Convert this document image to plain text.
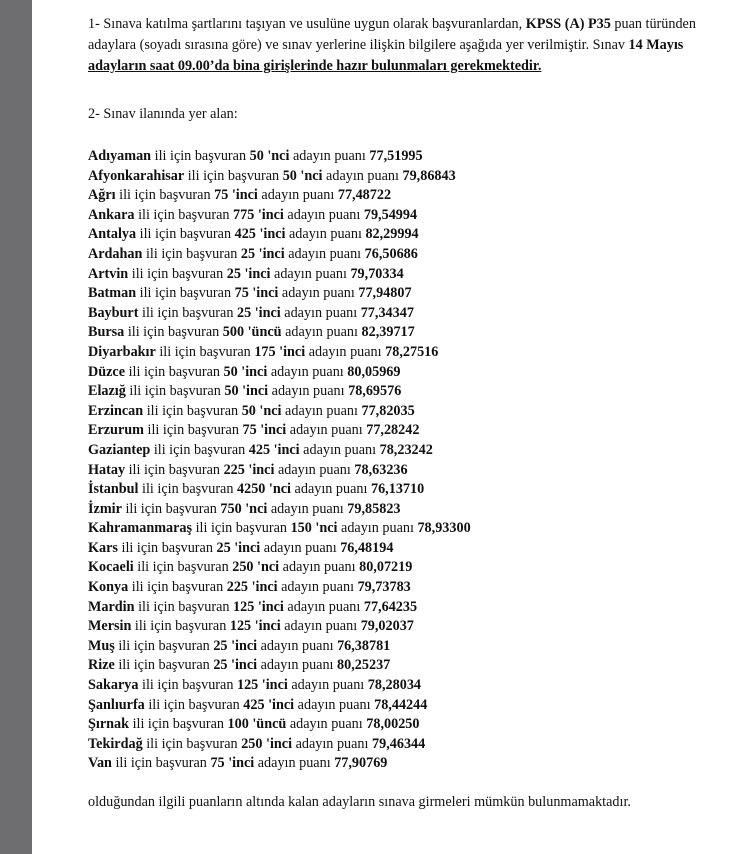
1- Sınava katılma şartlarını taşıyan ve usulüne uygun olarak başvuranlardan, KPSS (A) P35 puan türünden
adaylara (soyadı sırasına göre) ve sınav yerlerine ilişkin bilgilere aşağıda yer verilmiştir. Sınav 14 Mayıs
adayların saat 09.00’da bina girişlerinde hazır bulunmaları gerekmektedir.

2- Sınav ilanında yer alan:

Adıyaman ili için başvuran 50 'nci adayın puanı 77,51995
Afyonkarahisar ili için başvuran 50 'nci adayın puanı 79,86843
Ağrı ili için başvuran 75 'inci adayın puanı 77,48722
Ankara ili için başvuran 775 'inci adayın puanı 79,54994
Antalya ili için başvuran 425 'inci adayın puanı 82,29994
Ardahan ili için başvuran 25 'inci adayın puanı 76,50686
Artvin ili için başvuran 25 'inci adayın puanı 79,70334
Batman ili için başvuran 75 'inci adayın puanı 77,94807
Bayburt ili için başvuran 25 'inci adayın puanı 77,34347
Bursa ili için başvuran 500 'üncü adayın puanı 82,39717
Diyarbakır ili için başvuran 175 'inci adayın puanı 78,27516
Düzce ili için başvuran 50 'inci adayın puanı 80,05969
Elazığ ili için başvuran 50 'inci adayın puanı 78,69576
Erzincan ili için başvuran 50 'nci adayın puanı 77,82035
Erzurum ili için başvuran 75 'inci adayın puanı 77,28242
Gaziantep ili için başvuran 425 'inci adayın puanı 78,23242
Hatay ili için başvuran 225 'inci adayın puanı 78,63236
İstanbul ili için başvuran 4250 'nci adayın puanı 76,13710
İzmir ili için başvuran 750 'nci adayın puanı 79,85823
Kahramanmaraş ili için başvuran 150 'nci adayın puanı 78,93300
Kars ili için başvuran 25 'inci adayın puanı 76,48194
Kocaeli ili için başvuran 250 'nci adayın puanı 80,07219
Konya ili için başvuran 225 'inci adayın puanı 79,73783
Mardin ili için başvuran 125 'inci adayın puanı 77,64235
Mersin ili için başvuran 125 'inci adayın puanı 79,02037
Muş ili için başvuran 25 'inci adayın puanı 76,38781
Rize ili için başvuran 25 'inci adayın puanı 80,25237
Sakarya ili için başvuran 125 'inci adayın puanı 78,28034
Şanlıurfa ili için başvuran 425 'inci adayın puanı 78,44244
Şırnak ili için başvuran 100 'üncü adayın puanı 78,00250
Tekirdağ ili için başvuran 250 'inci adayın puanı 79,46344
Van ili için başvuran 75 'inci adayın puanı 77,90769

olduğundan ilgili puanların altında kalan adayların sınava girmeleri mümkün bulunmamaktadır.
